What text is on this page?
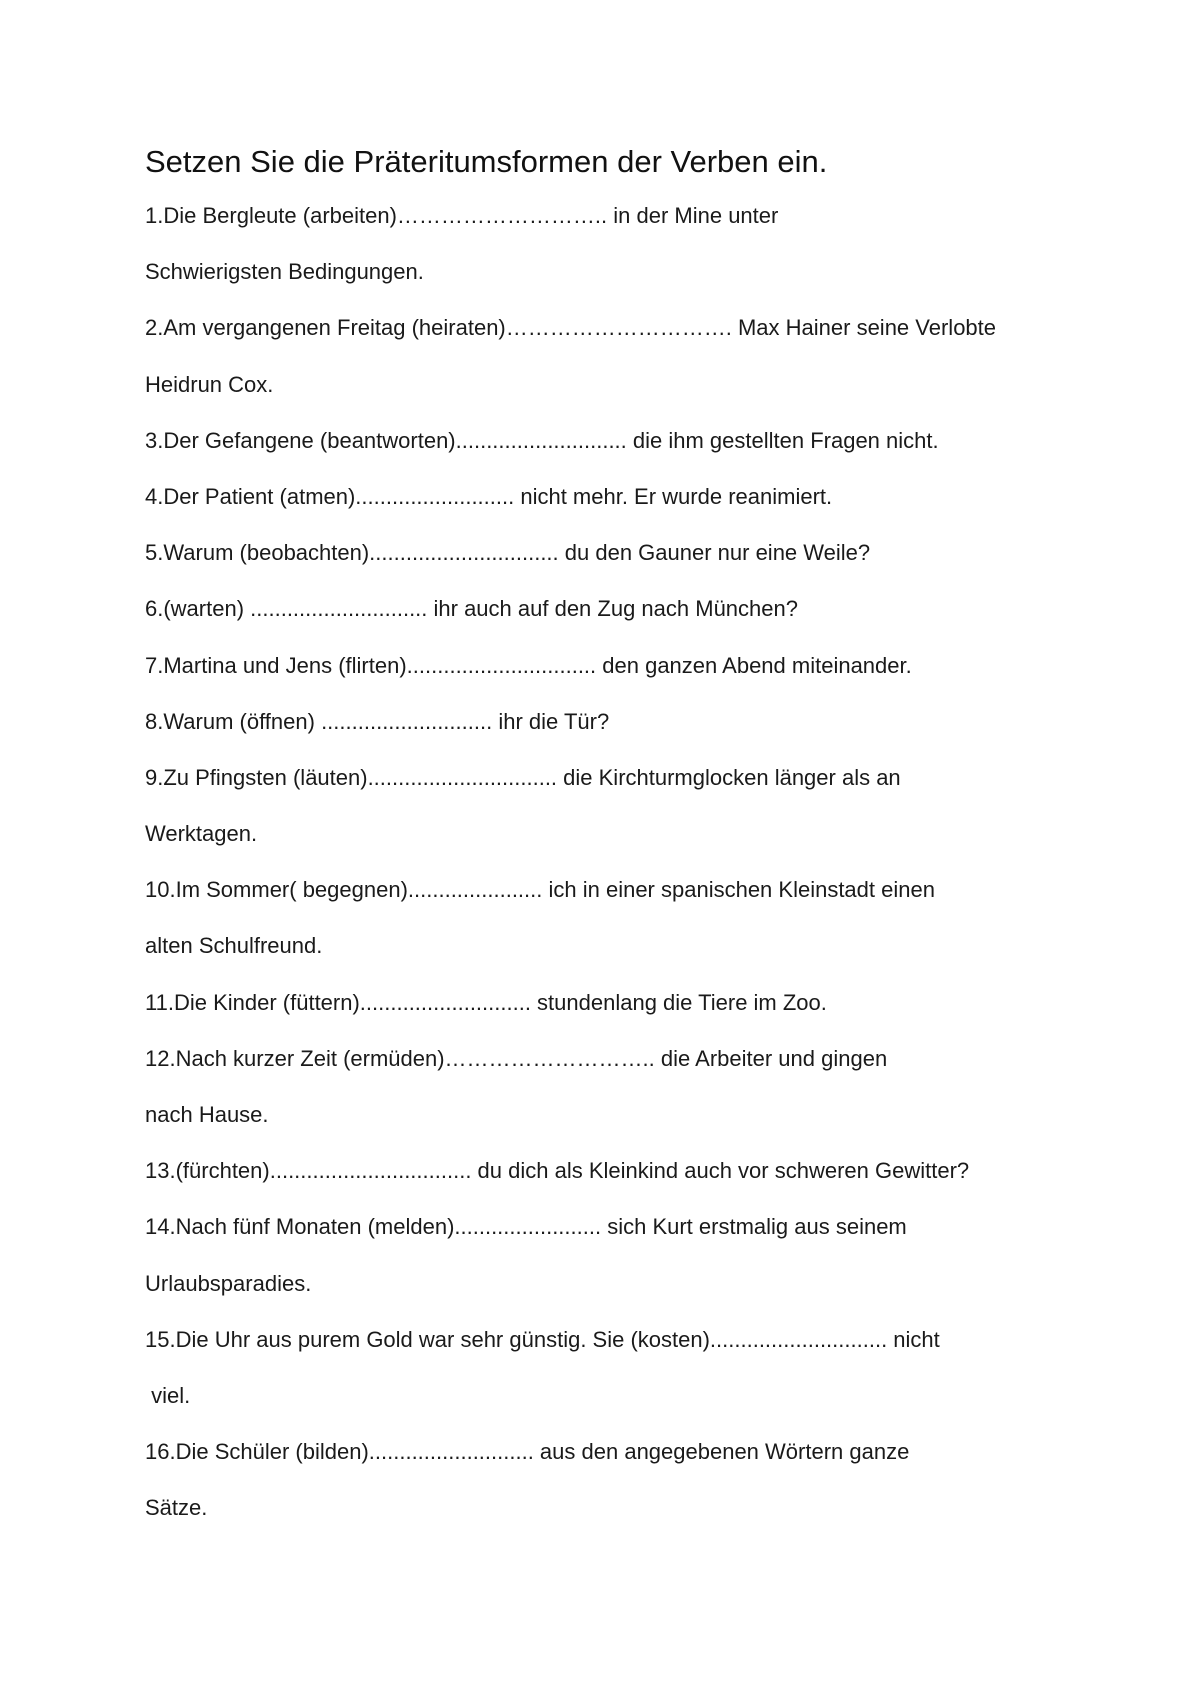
Setzen Sie die Präteritumsformen der Verben ein.
1.Die Bergleute (arbeiten)……………………….. in der Mine unter
Schwierigsten Bedingungen.
2.Am vergangenen Freitag (heiraten)…………………………. Max Hainer seine Verlobte
Heidrun Cox.
3.Der Gefangene (beantworten)............................ die ihm gestellten Fragen nicht.
4.Der Patient (atmen).......................... nicht mehr. Er wurde reanimiert.
5.Warum (beobachten)............................... du den Gauner nur eine Weile?
6.(warten) ............................. ihr auch auf den Zug nach München?
7.Martina und Jens (flirten)............................... den ganzen Abend miteinander.
8.Warum (öffnen) ............................ ihr die Tür?
9.Zu Pfingsten (läuten)............................... die Kirchturmglocken länger als an
Werktagen.
10.Im Sommer( begegnen)...................... ich in einer spanischen Kleinstadt einen
alten Schulfreund.
11.Die Kinder (füttern)............................ stundenlang die Tiere im Zoo.
12.Nach kurzer Zeit (ermüden)……………………….. die Arbeiter und gingen
nach Hause.
13.(fürchten)................................. du dich als Kleinkind auch vor schweren Gewitter?
14.Nach fünf Monaten (melden)........................ sich Kurt erstmalig aus seinem
Urlaubsparadies.
15.Die Uhr aus purem Gold war sehr günstig. Sie (kosten)............................. nicht
viel.
16.Die Schüler (bilden)........................... aus den angegebenen Wörtern ganze
Sätze.
